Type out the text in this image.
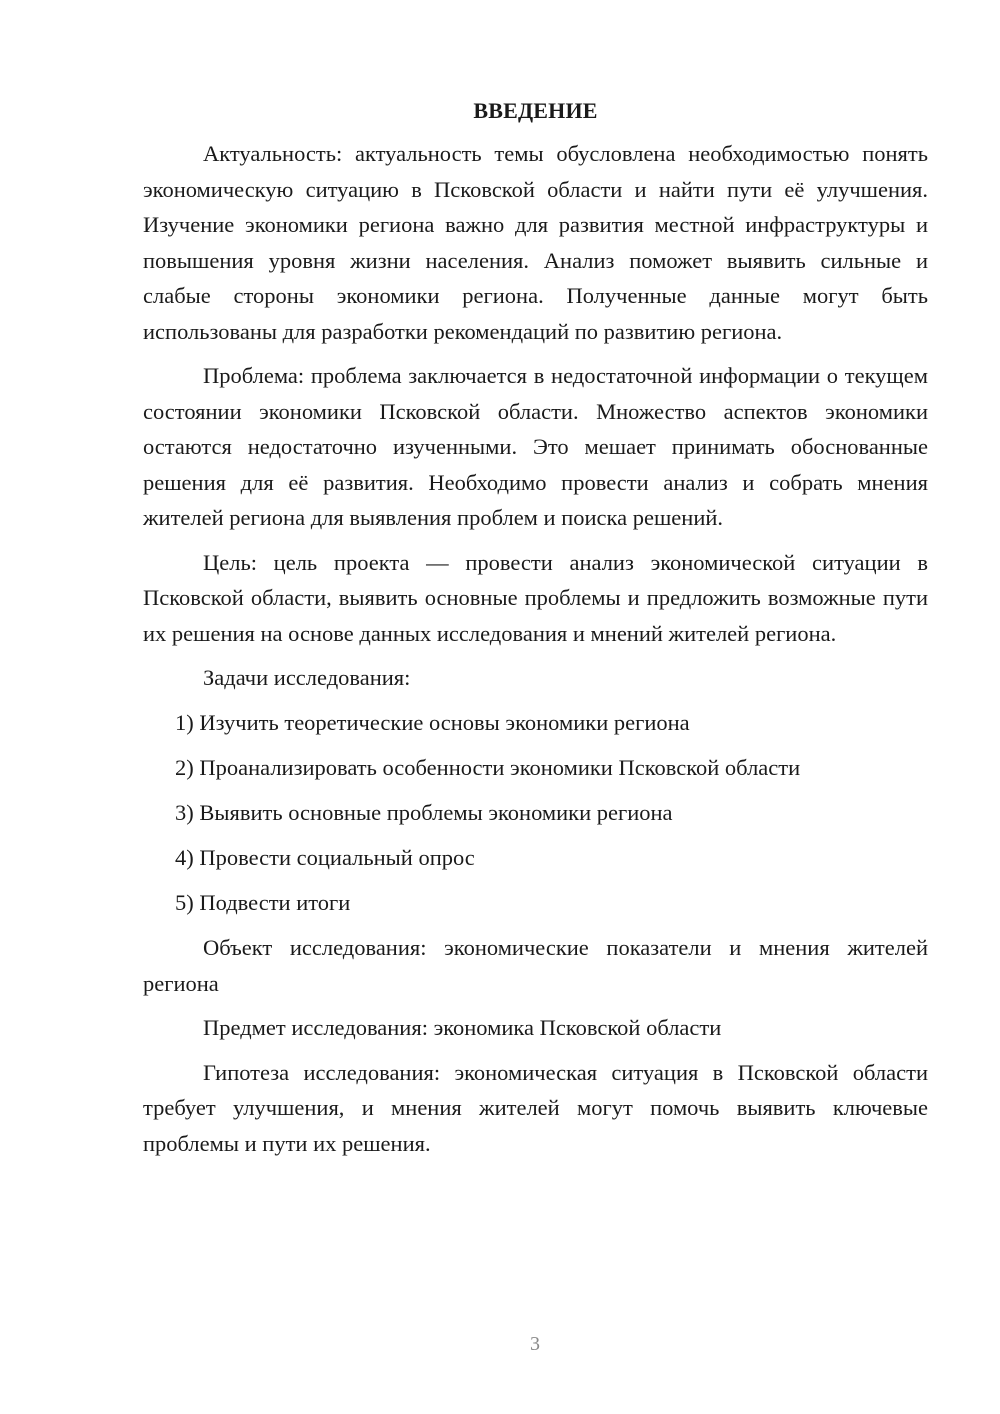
ВВЕДЕНИЕ

Актуальность: актуальность темы обусловлена необходимостью понять экономическую ситуацию в Псковской области и найти пути её улучшения. Изучение экономики региона важно для развития местной инфраструктуры и повышения уровня жизни населения. Анализ поможет выявить сильные и слабые стороны экономики региона. Полученные данные могут быть использованы для разработки рекомендаций по развитию региона.

Проблема: проблема заключается в недостаточной информации о текущем состоянии экономики Псковской области. Множество аспектов экономики остаются недостаточно изученными. Это мешает принимать обоснованные решения для её развития. Необходимо провести анализ и собрать мнения жителей региона для выявления проблем и поиска решений.

Цель: цель проекта — провести анализ экономической ситуации в Псковской области, выявить основные проблемы и предложить возможные пути их решения на основе данных исследования и мнений жителей региона.

Задачи исследования:
1) Изучить теоретические основы экономики региона
2) Проанализировать особенности экономики Псковской области
3) Выявить основные проблемы экономики региона
4) Провести социальный опрос
5) Подвести итоги

Объект исследования: экономические показатели и мнения жителей региона

Предмет исследования: экономика Псковской области

Гипотеза исследования: экономическая ситуация в Псковской области требует улучшения, и мнения жителей могут помочь выявить ключевые проблемы и пути их решения.

3
